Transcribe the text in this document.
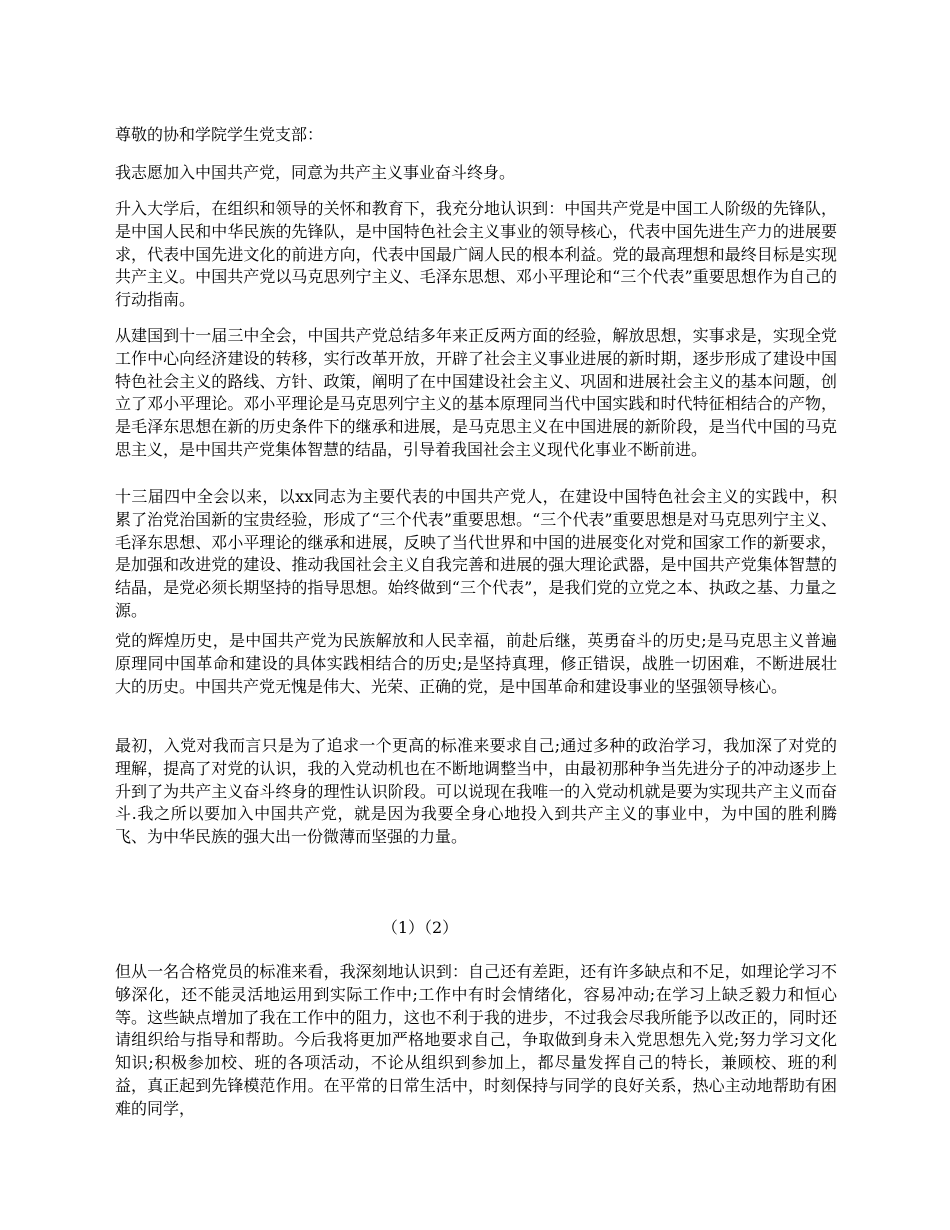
尊敬的协和学院学生党支部：

我志愿加入中国共产党，同意为共产主义事业奋斗终身。

升入大学后，在组织和领导的关怀和教育下，我充分地认识到：中国共产党是中国工人阶级的先锋队，是中国人民和中华民族的先锋队，是中国特色社会主义事业的领导核心，代表中国先进生产力的进展要求，代表中国先进文化的前进方向，代表中国最广阔人民的根本利益。党的最高理想和最终目标是实现共产主义。中国共产党以马克思列宁主义、毛泽东思想、邓小平理论和“三个代表”重要思想作为自己的行动指南。

从建国到十一届三中全会，中国共产党总结多年来正反两方面的经验，解放思想，实事求是，实现全党工作中心向经济建设的转移，实行改革开放，开辟了社会主义事业进展的新时期，逐步形成了建设中国特色社会主义的路线、方针、政策，阐明了在中国建设社会主义、巩固和进展社会主义的基本问题，创立了邓小平理论。邓小平理论是马克思列宁主义的基本原理同当代中国实践和时代特征相结合的产物，是毛泽东思想在新的历史条件下的继承和进展，是马克思主义在中国进展的新阶段，是当代中国的马克思主义，是中国共产党集体智慧的结晶，引导着我国社会主义现代化事业不断前进。

十三届四中全会以来，以xx同志为主要代表的中国共产党人，在建设中国特色社会主义的实践中，积累了治党治国新的宝贵经验，形成了“三个代表”重要思想。“三个代表”重要思想是对马克思列宁主义、毛泽东思想、邓小平理论的继承和进展，反映了当代世界和中国的进展变化对党和国家工作的新要求，是加强和改进党的建设、推动我国社会主义自我完善和进展的强大理论武器，是中国共产党集体智慧的结晶，是党必须长期坚持的指导思想。始终做到“三个代表”，是我们党的立党之本、执政之基、力量之源。

党的辉煌历史，是中国共产党为民族解放和人民幸福，前赴后继，英勇奋斗的历史;是马克思主义普遍原理同中国革命和建设的具体实践相结合的历史;是坚持真理，修正错误，战胜一切困难，不断进展壮大的历史。中国共产党无愧是伟大、光荣、正确的党，是中国革命和建设事业的坚强领导核心。

最初，入党对我而言只是为了追求一个更高的标准来要求自己;通过多种的政治学习，我加深了对党的理解，提高了对党的认识，我的入党动机也在不断地调整当中，由最初那种争当先进分子的冲动逐步上升到了为共产主义奋斗终身的理性认识阶段。可以说现在我唯一的入党动机就是要为实现共产主义而奋斗.我之所以要加入中国共产党，就是因为我要全身心地投入到共产主义的事业中，为中国的胜利腾飞、为中华民族的强大出一份微薄而坚强的力量。

（1）（2）

但从一名合格党员的标准来看，我深刻地认识到：自己还有差距，还有许多缺点和不足，如理论学习不够深化，还不能灵活地运用到实际工作中;工作中有时会情绪化，容易冲动;在学习上缺乏毅力和恒心等。这些缺点增加了我在工作中的阻力，这也不利于我的进步，不过我会尽我所能予以改正的，同时还请组织给与指导和帮助。今后我将更加严格地要求自己，争取做到身未入党思想先入党;努力学习文化知识;积极参加校、班的各项活动，不论从组织到参加上，都尽量发挥自己的特长，兼顾校、班的利益，真正起到先锋模范作用。在平常的日常生活中，时刻保持与同学的良好关系，热心主动地帮助有困难的同学，
